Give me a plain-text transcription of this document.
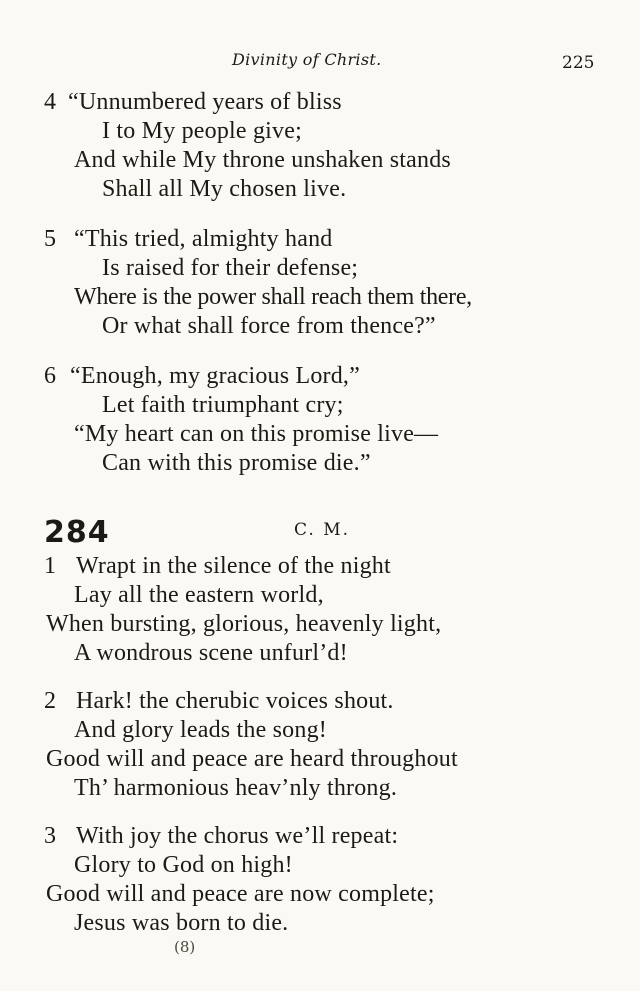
Divinity of Christ.	225
4 “Unnumbered years of bliss
I to My people give;
And while My throne unshaken stands
Shall all My chosen live.
5 “This tried, almighty hand
Is raised for their defense;
Where is the power shall reach them there,
Or what shall force from thence?”
6 “Enough, my gracious Lord,”
Let faith triumphant cry;
“My heart can on this promise live—
Can with this promise die.”
284	C. M.
1 Wrapt in the silence of the night
Lay all the eastern world,
When bursting, glorious, heavenly light,
A wondrous scene unfurl’d!
2 Hark! the cherubic voices shout.
And glory leads the song!
Good will and peace are heard throughout
Th’ harmonious heav’nly throng.
3 With joy the chorus we’ll repeat:
Glory to God on high!
Good will and peace are now complete;
Jesus was born to die.
(8)
